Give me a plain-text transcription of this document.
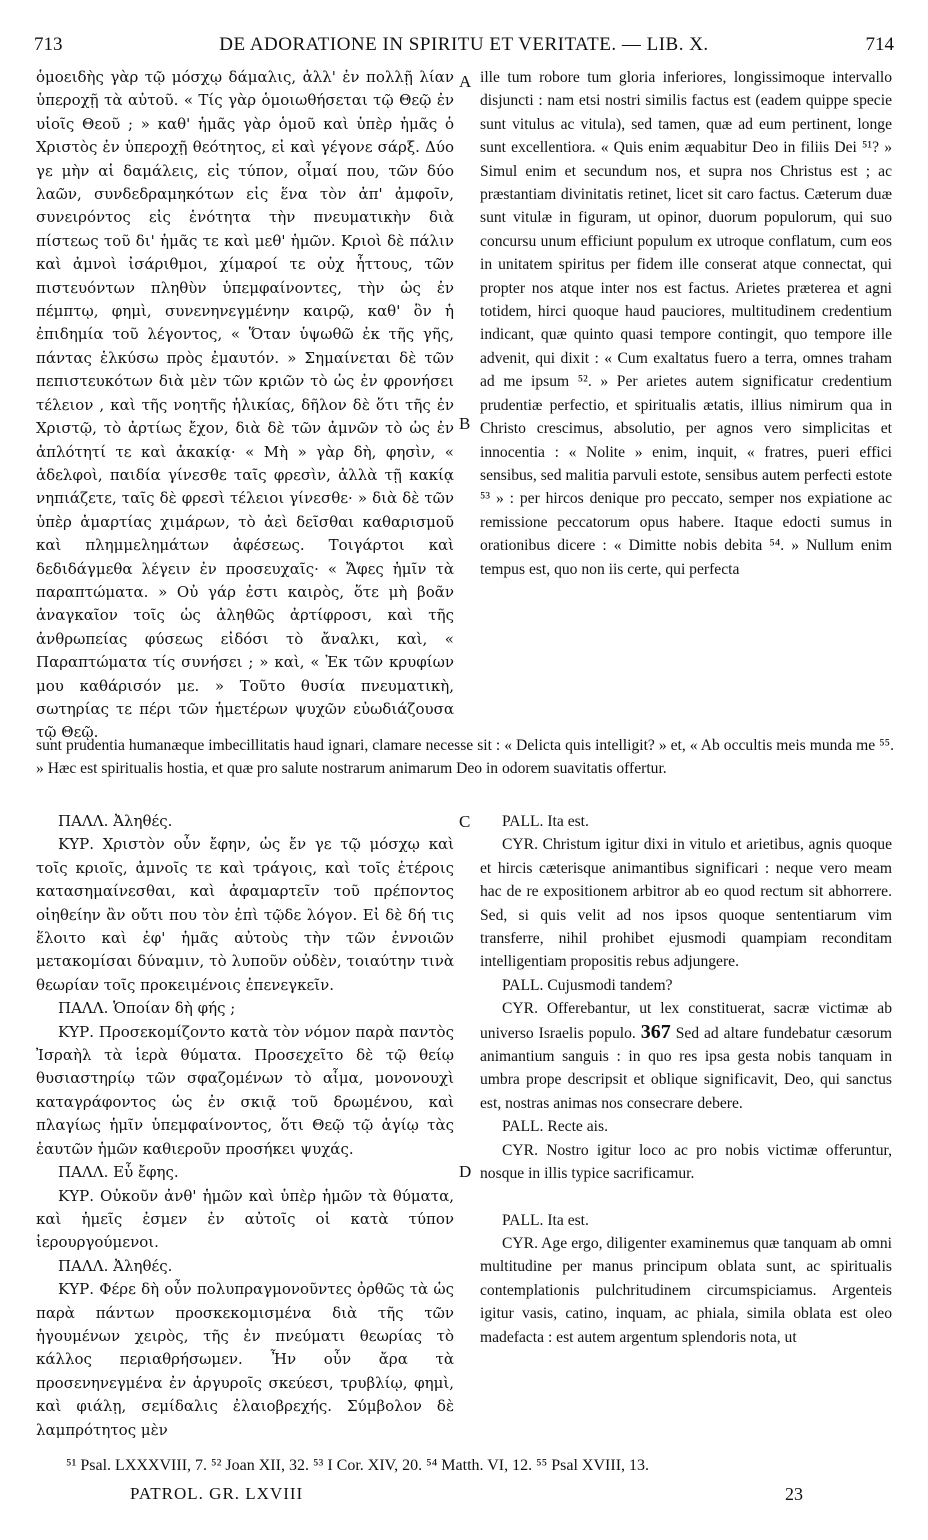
713	DE ADORATIONE IN SPIRITU ET VERITATE. — LIB. X.	714
A
B
C
D

ὁμοειδὴς γὰρ τῷ μόσχῳ δάμαλις, ἀλλ' ἐν πολλῇ λίαν ὑπεροχῇ τὰ αὐτοῦ. « Τίς γὰρ ὁμοιωθήσεται τῷ Θεῷ ἐν υἱοῖς Θεοῦ ; » καθ' ἡμᾶς γὰρ ὁμοῦ καὶ ὑπὲρ ἡμᾶς ὁ Χριστὸς ἐν ὑπεροχῇ θεότητος, εἰ καὶ γέγονε σάρξ. Δύο γε μὴν αἱ δαμάλεις, εἰς τύπον, οἶμαί που, τῶν δύο λαῶν, συνδεδραμηκότων εἰς ἕνα τὸν ἀπ' ἀμφοῖν, συνειρόντος εἰς ἑνότητα τὴν πνευματικὴν διὰ πίστεως τοῦ δι' ἡμᾶς τε καὶ μεθ' ἡμῶν. Κριοὶ δὲ πάλιν καὶ ἀμνοὶ ἰσάριθμοι, χίμαροί τε οὐχ ἧττους, τῶν πιστευόντων πληθὺν ὑπεμφαίνοντες, τὴν ὡς ἐν πέμπτῳ, φημὶ, συνενηνεγμένην καιρῷ, καθ' ὃν ἡ ἐπιδημία τοῦ λέγοντος, « Ὅταν ὑψωθῶ ἐκ τῆς γῆς, πάντας ἑλκύσω πρὸς ἐμαυτόν. » Σημαίνεται δὲ τῶν πεπιστευκότων διὰ μὲν τῶν κριῶν τὸ ὡς ἐν φρονήσει τέλειον , καὶ τῆς νοητῆς ἡλικίας, δῆλον δὲ ὅτι τῆς ἐν Χριστῷ, τὸ ἀρτίως ἔχον, διὰ δὲ τῶν ἀμνῶν τὸ ὡς ἐν ἁπλότητί τε καὶ ἀκακίᾳ· « Μὴ » γὰρ δὴ, φησὶν, « ἀδελφοὶ, παιδία γίνεσθε ταῖς φρεσὶν, ἀλλὰ τῇ κακίᾳ νηπιάζετε, ταῖς δὲ φρεσὶ τέλειοι γίνεσθε· » διὰ δὲ τῶν ὑπὲρ ἁμαρτίας χιμάρων, τὸ ἀεὶ δεῖσθαι καθαρισμοῦ καὶ πλημμελημάτων ἀφέσεως. Τοιγάρτοι καὶ δεδιδάγμεθα λέγειν ἐν προσευχαῖς· « Ἄφες ἡμῖν τὰ παραπτώματα. » Οὐ γάρ ἐστι καιρὸς, ὅτε μὴ βοᾶν ἀναγκαῖον τοῖς ὡς ἀληθῶς ἀρτίφροσι, καὶ τῆς ἀνθρωπείας φύσεως εἰδόσι τὸ ἄναλκι, καὶ, « Παραπτώματα τίς συνήσει ; » καὶ, « Ἐκ τῶν κρυφίων μου καθάρισόν με. » Τοῦτο θυσία πνευματικὴ, σωτηρίας τε πέρι τῶν ἡμετέρων ψυχῶν εὐωδιάζουσα τῷ Θεῷ.

ille tum robore tum gloria inferiores, longissimoque intervallo disjuncti : nam etsi nostri similis factus est (eadem quippe specie sunt vitulus ac vitula), sed tamen, quæ ad eum pertinent, longe sunt excellentiora. « Quis enim æquabitur Deo in filiis Dei ⁵¹? » Simul enim et secundum nos, et supra nos Christus est ; ac præstantiam divinitatis retinet, licet sit caro factus. Cæterum duæ sunt vitulæ in figuram, ut opinor, duorum populorum, qui suo concursu unum efficiunt populum ex utroque conflatum, cum eos in unitatem spiritus per fidem ille conserat atque connectat, qui propter nos atque inter nos est factus. Arietes præterea et agni totidem, hirci quoque haud pauciores, multitudinem credentium indicant, quæ quinto quasi tempore contingit, quo tempore ille advenit, qui dixit : « Cum exaltatus fuero a terra, omnes traham ad me ipsum ⁵². » Per arietes autem significatur credentium prudentiæ perfectio, et spiritualis ætatis, illius nimirum qua in Christo crescimus, absolutio, per agnos vero simplicitas et innocentia : « Nolite » enim, inquit, « fratres, pueri effici sensibus, sed malitia parvuli estote, sensibus autem perfecti estote ⁵³ » : per hircos denique pro peccato, semper nos expiatione ac remissione peccatorum opus habere. Itaque edocti sumus in orationibus dicere : « Dimitte nobis debita ⁵⁴. » Nullum enim tempus est, quo non iis certe, qui perfecta

sunt prudentia humanæque imbecillitatis haud ignari, clamare necesse sit : « Delicta quis intelligit? » et, « Ab occultis meis munda me ⁵⁵. » Hæc est spiritualis hostia, et quæ pro salute nostrarum animarum Deo in odorem suavitatis offertur.

ΠΑΛΛ. Ἀληθές.

ΚΥΡ. Χριστὸν οὖν ἔφην, ὡς ἔν γε τῷ μόσχῳ καὶ τοῖς κριοῖς, ἀμνοῖς τε καὶ τράγοις, καὶ τοῖς ἑτέροις κατασημαίνεσθαι, καὶ ἀφαμαρτεῖν τοῦ πρέποντος οἰηθείην ἂν οὔτι που τὸν ἐπὶ τῷδε λόγον. Εἰ δὲ δή τις ἕλοιτο καὶ ἐφ' ἡμᾶς αὐτοὺς τὴν τῶν ἐννοιῶν μετακομίσαι δύναμιν, τὸ λυποῦν οὐδὲν, τοιαύτην τινὰ θεωρίαν τοῖς προκειμένοις ἐπενεγκεῖν.

ΠΑΛΛ. Ὁποίαν δὴ φής ;

ΚΥΡ. Προσεκομίζοντο κατὰ τὸν νόμον παρὰ παντὸς Ἰσραὴλ τὰ ἱερὰ θύματα. Προσεχεῖτο δὲ τῷ θείῳ θυσιαστηρίῳ τῶν σφαζομένων τὸ αἷμα, μονονουχὶ καταγράφοντος ὡς ἐν σκιᾷ τοῦ δρωμένου, καὶ πλαγίως ἡμῖν ὑπεμφαίνοντος, ὅτι Θεῷ τῷ ἁγίῳ τὰς ἑαυτῶν ἡμῶν καθιεροῦν προσήκει ψυχάς.

ΠΑΛΛ. Εὖ ἔφης.

ΚΥΡ. Οὐκοῦν ἀνθ' ἡμῶν καὶ ὑπὲρ ἡμῶν τὰ θύματα, καὶ ἡμεῖς ἐσμεν ἐν αὐτοῖς οἱ κατὰ τύπον ἱερουργούμενοι.

ΠΑΛΛ. Ἀληθές.

ΚΥΡ. Φέρε δὴ οὖν πολυπραγμονοῦντες ὀρθῶς τὰ ὡς παρὰ πάντων προσκεκομισμένα διὰ τῆς τῶν ἡγουμένων χειρὸς, τῆς ἐν πνεύματι θεωρίας τὸ κάλλος περιαθρήσωμεν. Ἦν οὖν ἄρα τὰ προσενηνεγμένα ἐν ἀργυροῖς σκεύεσι, τρυβλίῳ, φημὶ, καὶ φιάλῃ, σεμίδαλις ἐλαιοβρεχής. Σύμβολον δὲ λαμπρότητος μὲν

PALL. Ita est.

CYR. Christum igitur dixi in vitulo et arietibus, agnis quoque et hircis cæterisque animantibus significari : neque vero meam hac de re expositionem arbitror ab eo quod rectum sit abhorrere. Sed, si quis velit ad nos ipsos quoque sententiarum vim transferre, nihil prohibet ejusmodi quampiam reconditam intelligentiam propositis rebus adjungere.

PALL. Cujusmodi tandem?

CYR. Offerebantur, ut lex constituerat, sacræ victimæ ab universo Israelis populo. 367 Sed ad altare fundebatur cæsorum animantium sanguis : in quo res ipsa gesta nobis tanquam in umbra prope descripsit et oblique significavit, Deo, qui sanctus est, nostras animas nos consecrare debere.

PALL. Recte ais.

CYR. Nostro igitur loco ac pro nobis victimæ offeruntur, nosque in illis typice sacrificamur.

PALL. Ita est.

CYR. Age ergo, diligenter examinemus quæ tanquam ab omni multitudine per manus principum oblata sunt, ac spiritualis contemplationis pulchritudinem circumspiciamus. Argenteis igitur vasis, catino, inquam, ac phiala, simila oblata est oleo madefacta : est autem argentum splendoris nota, ut

⁵¹ Psal. LXXXVIII, 7. ⁵² Joan XII, 32. ⁵³ I Cor. XIV, 20. ⁵⁴ Matth. VI, 12. ⁵⁵ Psal XVIII, 13.
PATROL. GR. LXVIII	23
